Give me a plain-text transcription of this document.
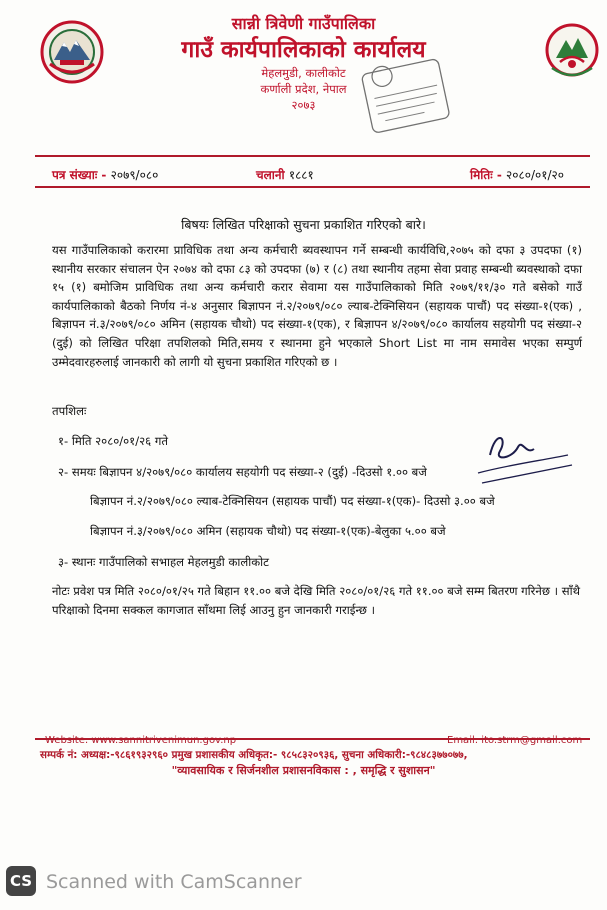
सान्नी त्रिवेणी गाउँपालिका
गाउँ कार्यपालिकाको कार्यालय
मेहलमुडी, कालीकोट
कर्णाली प्रदेश, नेपाल
२०७३
पत्र संख्याः - २०७९/०८०	चलानी १८८१	मितिः - २०८०/०१/२०
बिषयः लिखित परिक्षाको सुचना प्रकाशित गरिएको बारे।
यस गाउँपालिकाको करारमा प्राविधिक तथा अन्य कर्मचारी ब्यवस्थापन गर्ने सम्बन्धी कार्यविधि,२०७५ को दफा ३ उपदफा (१) स्थानीय सरकार संचालन ऐन २०७४ को दफा ८३ को उपदफा (७) र (८) तथा स्थानीय तहमा सेवा प्रवाह सम्बन्धी ब्यवस्थाको दफा १५ (१) बमोजिम प्राविधिक तथा अन्य कर्मचारी करार सेवामा यस गाउँपालिकाको मिति २०७९/११/३० गते बसेको गाउँ कार्यपालिकाको बैठको निर्णय नं-४ अनुसार बिज्ञापन नं.२/२०७९/०८० ल्याब-टेक्निसियन (सहायक पाचौं) पद संख्या-१(एक) , बिज्ञापन नं.३/२०७९/०८० अमिन (सहायक चौथो) पद संख्या-१(एक), र बिज्ञापन ४/२०७९/०८० कार्यालय सहयोगी पद संख्या-२ (दुई) को लिखित परिक्षा तपशिलको मिति,समय र स्थानमा हुने भएकाले Short List मा नाम समावेस भएका सम्पुर्ण उम्मेदवारहरुलाई जानकारी को लागी यो सुचना प्रकाशित गरिएको छ ।
तपशिलः
१- मिति २०८०/०१/२६ गते
२- समयः बिज्ञापन ४/२०७९/०८० कार्यालय सहयोगी पद संख्या-२ (दुई) -दिउसो १.०० बजे
बिज्ञापन नं.२/२०७९/०८० ल्याब-टेक्निसियन (सहायक पाचौं) पद संख्या-१(एक)- दिउसो ३.०० बजे
बिज्ञापन नं.३/२०७९/०८० अमिन (सहायक चौथो) पद संख्या-१(एक)-बेलुका ५.०० बजे
३- स्थानः गाउँपालिको सभाहल मेहलमुडी कालीकोट
नोटः प्रवेश पत्र मिति २०८०/०१/२५ गते बिहान ११.०० बजे देखि मिति २०८०/०१/२६ गते ११.०० बजे सम्म बितरण गरिनेछ । साँथै परिक्षाको दिनमा सक्कल कागजात साँथमा लिई आउनु हुन जानकारी गराईन्छ ।
Website: www.sannitrivenimun.gov.np	Email: ito.strm@gmail.com
सम्पर्क नं: अध्यक्ष:-९८६१९३२९६० प्रमुख प्रशासकीय अधिकृत:- ९८५८३२०९३६, सुचना अधिकारी:-९८४८३७७०७७,
"व्यावसायिक र सिर्जनशील प्रशासनविकास : , समृद्धि र सुशासन"
CS Scanned with CamScanner
